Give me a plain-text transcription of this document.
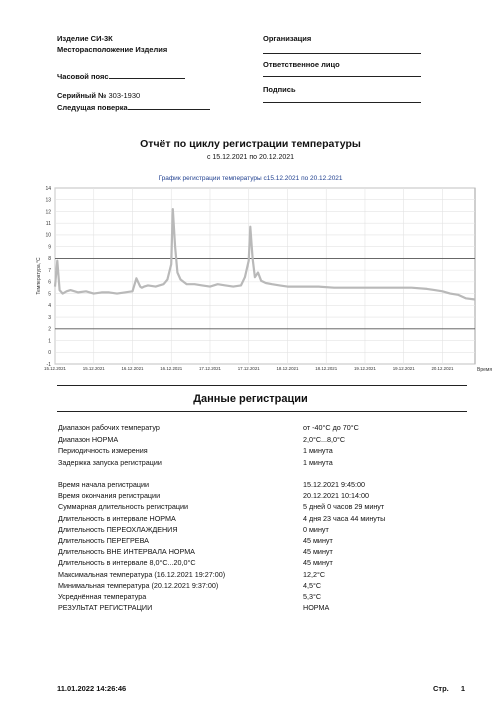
Изделие СИ-3К
Месторасположение Изделия
Часовой пояс
Серийный № 303-1930
Следущая поверка
Организация
Ответственное лицо
Подпись
Отчёт по циклу регистрации температуры
с 15.12.2021 по 20.12.2021
График регистрации температуры с15.12.2021 по 20.12.2021
-1
0
1
2
3
4
5
6
7
8
9
10
11
12
13
14
15.12.2021	16.12.2021	17.12.2021	18.12.2021	19.12.2021	20.12.2021
15.12.2021	16.12.2021	17.12.2021	18.12.2021	19.12.2021
Температура,°C
Время
Данные регистрации
Диапазон рабочих температур	от -40°С до 70°С
Диапазон НОРМА	2,0°С...8,0°С
Периодичность измерения	1 минута
Задержка запуска регистрации	1 минута
Время начала регистрации	15.12.2021 9:45:00
Время окончания регистрации	20.12.2021 10:14:00
Суммарная длительность регистрации	5 дней 0 часов 29 минут
Длительность в интервале НОРМА	4 дня 23 часа 44 минуты
Длительность ПЕРЕОХЛАЖДЕНИЯ	0 минут
Длительность ПЕРЕГРЕВА	45 минут
Длительность ВНЕ ИНТЕРВАЛА НОРМА	45 минут
Длительность в интервале 8,0°С...20,0°С	45 минут
Максимальная температура (16.12.2021 19:27:00)	12,2°С
Минимальная температура (20.12.2021 9:37:00)	4,5°С
Усреднённая температура	5,3°С
РЕЗУЛЬТАТ РЕГИСТРАЦИИ	НОРМА
11.01.2022 14:26:46	Стр. 1
